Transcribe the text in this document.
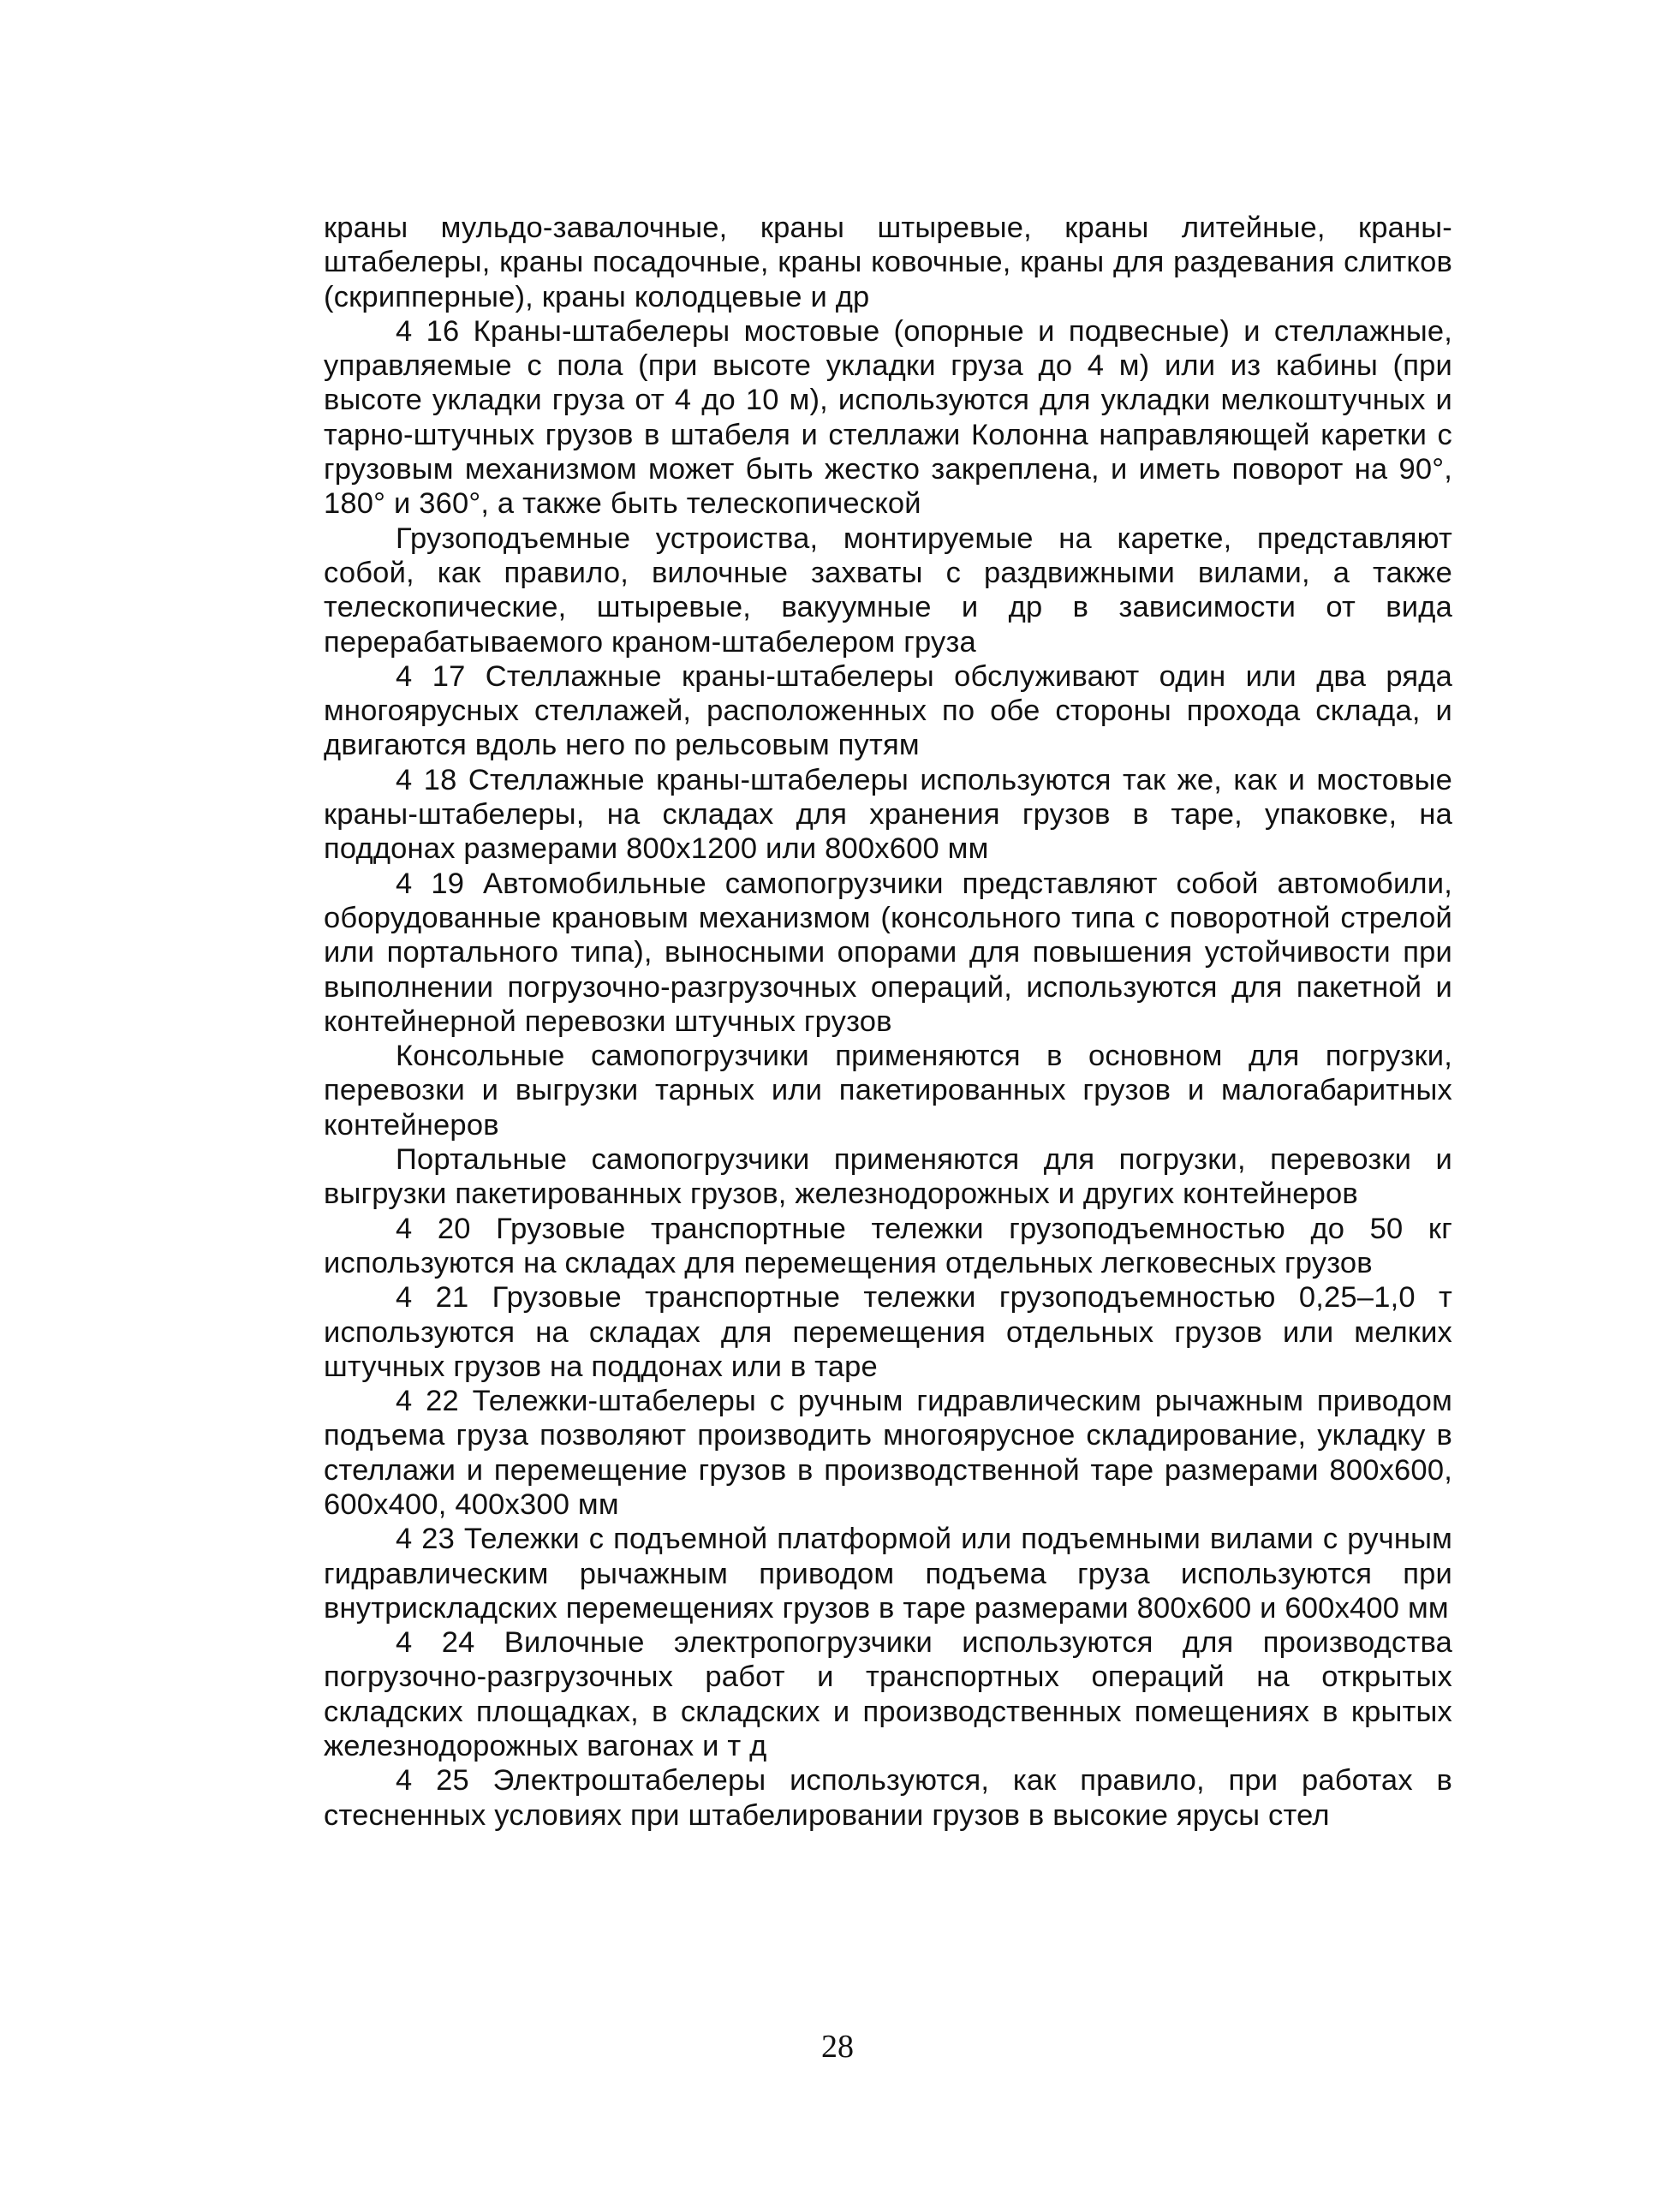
краны мульдо-завалочные, краны штыревые, краны литейные, краны-штабелеры, краны посадочные, краны ковочные, краны для раздевания слитков (скрипперные), краны колодцевые и др

4 16 Краны-штабелеры мостовые (опорные и подвесные) и стеллажные, управляемые с пола (при высоте укладки груза до 4 м) или из кабины (при высоте укладки груза от 4 до 10 м), используются для укладки мелкоштучных и тарно-штучных грузов в штабеля и стеллажи Колонна направляющей каретки с грузовым механизмом может быть жестко закреплена, и иметь поворот на 90°, 180° и 360°, а также быть телескопической

Грузоподъемные устроиства, монтируемые на каретке, представляют собой, как правило, вилочные захваты с раздвижными вилами, а также телескопические, штыревые, вакуумные и др в зависимости от вида перерабатываемого краном-штабелером груза

4 17 Стеллажные краны-штабелеры обслуживают один или два ряда многоярусных стеллажей, расположенных по обе стороны прохода склада, и двигаются вдоль него по рельсовым путям

4 18 Стеллажные краны-штабелеры используются так же, как и мостовые краны-штабелеры, на складах для хранения грузов в таре, упаковке, на поддонах размерами 800х1200 или 800х600 мм

4 19 Автомобильные самопогрузчики представляют собой автомобили, оборудованные крановым механизмом (консольного типа с поворотной стрелой или портального типа), выносными опорами для повышения устойчивости при выполнении погрузочно-разгрузочных операций, используются для пакетной и контейнерной перевозки штучных грузов

Консольные самопогрузчики применяются в основном для погрузки, перевозки и выгрузки тарных или пакетированных грузов и малогабаритных контейнеров

Портальные самопогрузчики применяются для погрузки, перевозки и выгрузки пакетированных грузов, железнодорожных и других контейнеров

4 20 Грузовые транспортные тележки грузоподъемностью до 50 кг используются на складах для перемещения отдельных легковесных грузов

4 21 Грузовые транспортные тележки грузоподъемностью 0,25–1,0 т используются на складах для перемещения отдельных грузов или мелких штучных грузов на поддонах или в таре

4 22 Тележки-штабелеры с ручным гидравлическим рычажным приводом подъема груза позволяют производить многоярусное складирование, укладку в стеллажи и перемещение грузов в производственной таре размерами 800х600, 600х400, 400х300 мм

4 23 Тележки с подъемной платформой или подъемными вилами с ручным гидравлическим рычажным приводом подъема груза используются при внутрискладских перемещениях грузов в таре размерами 800х600 и 600х400 мм

4 24 Вилочные электропогрузчики используются для производства погрузочно-разгрузочных работ и транспортных операций на открытых складских площадках, в складских и производственных помещениях в крытых железнодорожных вагонах и т д

4 25 Электроштабелеры используются, как правило, при работах в стесненных условиях при штабелировании грузов в высокие ярусы стел

28
